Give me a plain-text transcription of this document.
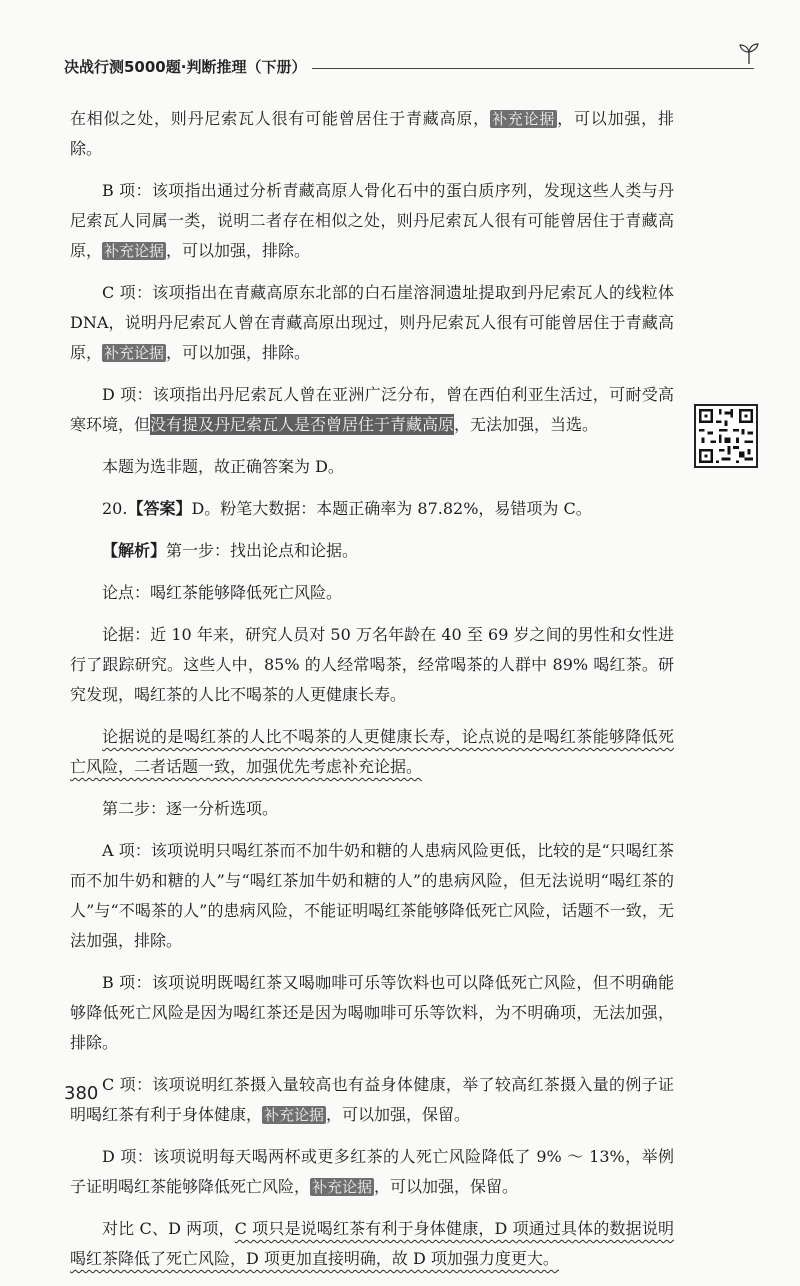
决战行测5000题·判断推理（下册）

在相似之处，则丹尼索瓦人很有可能曾居住于青藏高原， 补充论据 ，可以加强，排除。

B 项：该项指出通过分析青藏高原人骨化石中的蛋白质序列，发现这些人类与丹尼索瓦人同属一类，说明二者存在相似之处，则丹尼索瓦人很有可能曾居住于青藏高原， 补充论据 ，可以加强，排除。

C 项：该项指出在青藏高原东北部的白石崖溶洞遗址提取到丹尼索瓦人的线粒体 DNA，说明丹尼索瓦人曾在青藏高原出现过，则丹尼索瓦人很有可能曾居住于青藏高原， 补充论据 ，可以加强，排除。

D 项：该项指出丹尼索瓦人曾在亚洲广泛分布，曾在西伯利亚生活过，可耐受高寒环境，但没有提及丹尼索瓦人是否曾居住于青藏高原，无法加强，当选。

本题为选非题，故正确答案为 D。

20.【答案】D。粉笔大数据：本题正确率为 87.82%，易错项为 C。

【解析】第一步：找出论点和论据。

论点：喝红茶能够降低死亡风险。

论据：近 10 年来，研究人员对 50 万名年龄在 40 至 69 岁之间的男性和女性进行了跟踪研究。这些人中，85% 的人经常喝茶，经常喝茶的人群中 89% 喝红茶。研究发现，喝红茶的人比不喝茶的人更健康长寿。

论据说的是喝红茶的人比不喝茶的人更健康长寿，论点说的是喝红茶能够降低死亡风险，二者话题一致，加强优先考虑补充论据。

第二步：逐一分析选项。

A 项：该项说明只喝红茶而不加牛奶和糖的人患病风险更低，比较的是“只喝红茶而不加牛奶和糖的人”与“喝红茶加牛奶和糖的人”的患病风险，但无法说明“喝红茶的人”与“不喝茶的人”的患病风险，不能证明喝红茶能够降低死亡风险，话题不一致，无法加强，排除。

B 项：该项说明既喝红茶又喝咖啡可乐等饮料也可以降低死亡风险，但不明确能够降低死亡风险是因为喝红茶还是因为喝咖啡可乐等饮料，为不明确项，无法加强，排除。

C 项：该项说明红茶摄入量较高也有益身体健康，举了较高红茶摄入量的例子证明喝红茶有利于身体健康， 补充论据 ，可以加强，保留。

D 项：该项说明每天喝两杯或更多红茶的人死亡风险降低了 9% ～ 13%，举例子证明喝红茶能够降低死亡风险， 补充论据 ，可以加强，保留。

对比 C、D 两项，C 项只是说喝红茶有利于身体健康，D 项通过具体的数据说明喝红茶降低了死亡风险，D 项更加直接明确，故 D 项加强力度更大。

380
